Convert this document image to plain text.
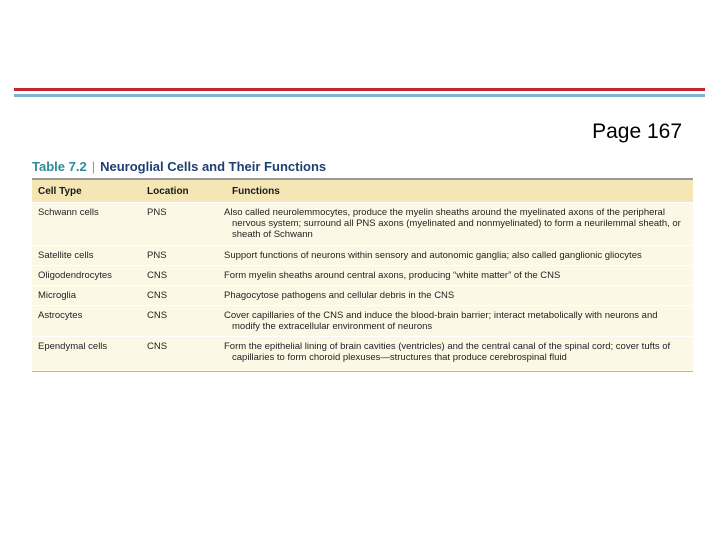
Page 167
Table 7.2 | Neuroglial Cells and Their Functions
Cell Type	Location	Functions
Schwann cells	PNS	Also called neurolemmocytes, produce the myelin sheaths around the myelinated axons of the peripheral nervous system; surround all PNS axons (myelinated and nonmyelinated) to form a neurilemmal sheath, or sheath of Schwann
Satellite cells	PNS	Support functions of neurons within sensory and autonomic ganglia; also called ganglionic gliocytes
Oligodendrocytes	CNS	Form myelin sheaths around central axons, producing “white matter” of the CNS
Microglia	CNS	Phagocytose pathogens and cellular debris in the CNS
Astrocytes	CNS	Cover capillaries of the CNS and induce the blood-brain barrier; interact metabolically with neurons and modify the extracellular environment of neurons
Ependymal cells	CNS	Form the epithelial lining of brain cavities (ventricles) and the central canal of the spinal cord; cover tufts of capillaries to form choroid plexuses—structures that produce cerebrospinal fluid
